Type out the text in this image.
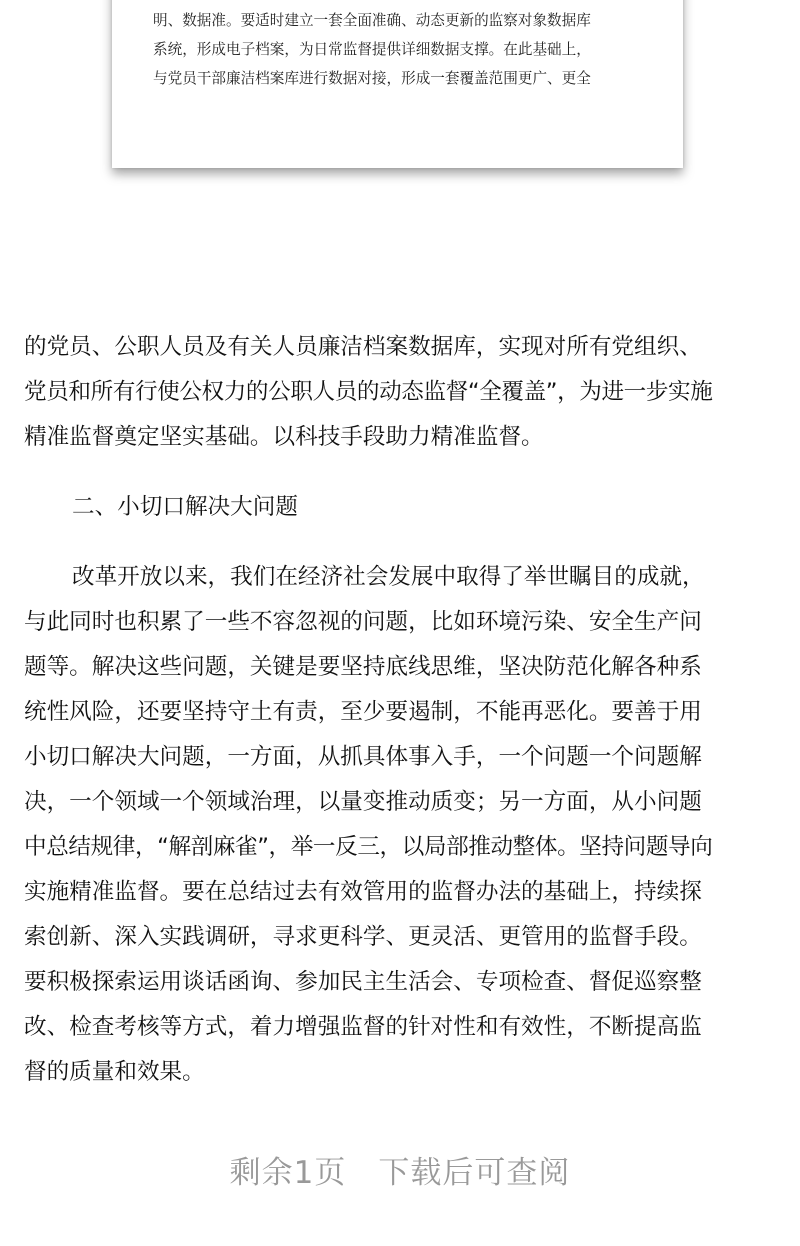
明、数据准。要适时建立一套全面准确、动态更新的监察对象数据库
系统，形成电子档案，为日常监督提供详细数据支撑。在此基础上，
与党员干部廉洁档案库进行数据对接，形成一套覆盖范围更广、更全
的党员、公职人员及有关人员廉洁档案数据库，实现对所有党组织、
党员和所有行使公权力的公职人员的动态监督“全覆盖”，为进一步实施
精准监督奠定坚实基础。以科技手段助力精准监督。
二、小切口解决大问题
改革开放以来，我们在经济社会发展中取得了举世瞩目的成就，
与此同时也积累了一些不容忽视的问题，比如环境污染、安全生产问
题等。解决这些问题，关键是要坚持底线思维，坚决防范化解各种系
统性风险，还要坚持守土有责，至少要遏制，不能再恶化。要善于用
小切口解决大问题，一方面，从抓具体事入手，一个问题一个问题解
决，一个领域一个领域治理，以量变推动质变；另一方面，从小问题
中总结规律，“解剖麻雀”，举一反三，以局部推动整体。坚持问题导向
实施精准监督。要在总结过去有效管用的监督办法的基础上，持续探
索创新、深入实践调研，寻求更科学、更灵活、更管用的监督手段。
要积极探索运用谈话函询、参加民主生活会、专项检查、督促巡察整
改、检查考核等方式，着力增强监督的针对性和有效性，不断提高监
督的质量和效果。
剩余1页　下载后可查阅
